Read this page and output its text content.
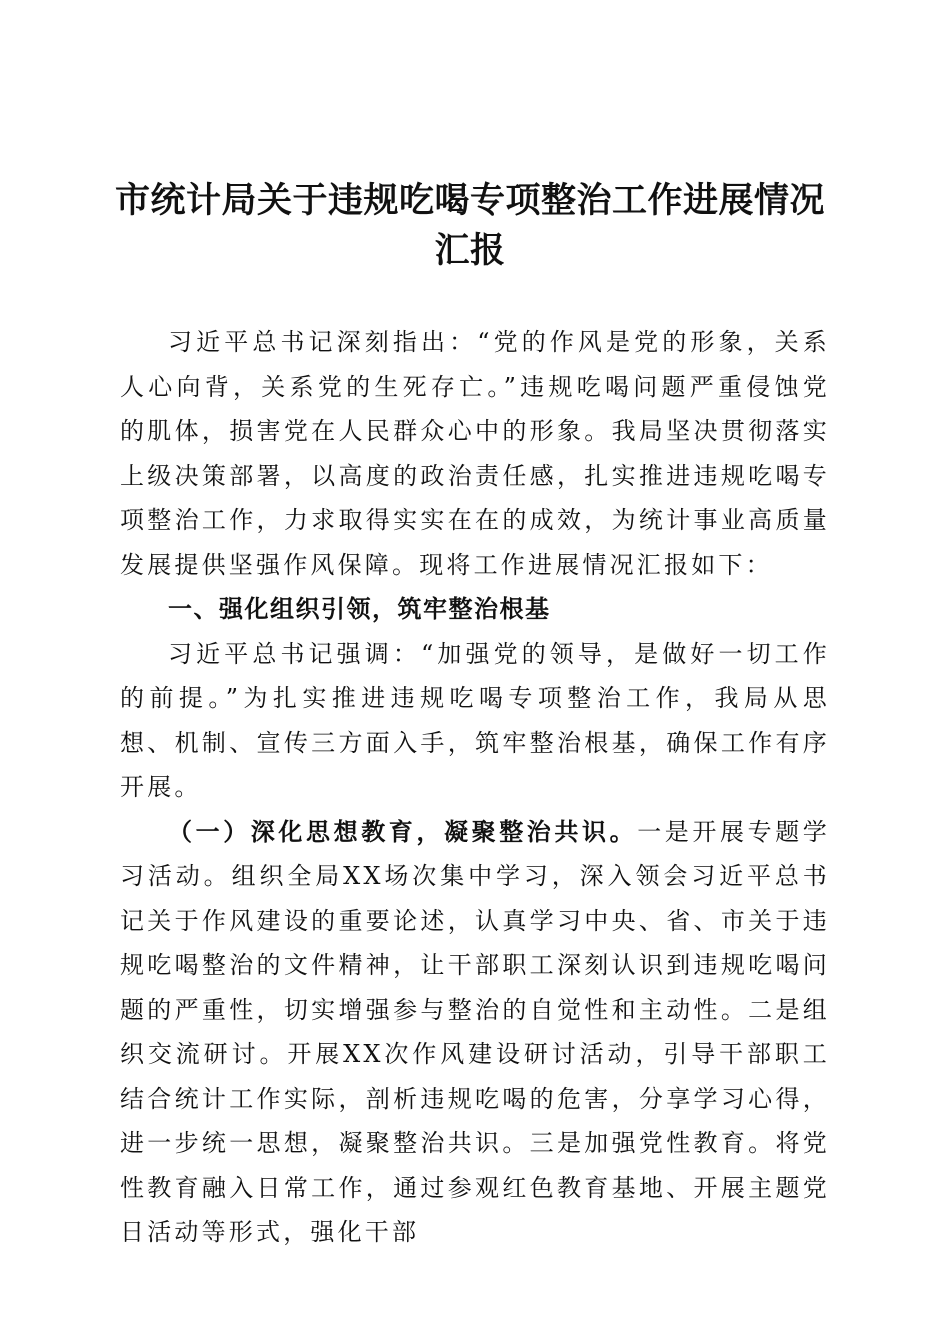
市统计局关于违规吃喝专项整治工作进展情况汇报

习近平总书记深刻指出：“党的作风是党的形象，关系人心向背，关系党的生死存亡。”违规吃喝问题严重侵蚀党的肌体，损害党在人民群众心中的形象。我局坚决贯彻落实上级决策部署，以高度的政治责任感，扎实推进违规吃喝专项整治工作，力求取得实实在在的成效，为统计事业高质量发展提供坚强作风保障。现将工作进展情况汇报如下：

一、强化组织引领，筑牢整治根基

习近平总书记强调：“加强党的领导，是做好一切工作的前提。”为扎实推进违规吃喝专项整治工作，我局从思想、机制、宣传三方面入手，筑牢整治根基，确保工作有序开展。

（一）深化思想教育，凝聚整治共识。一是开展专题学习活动。组织全局XX场次集中学习，深入领会习近平总书记关于作风建设的重要论述，认真学习中央、省、市关于违规吃喝整治的文件精神，让干部职工深刻认识到违规吃喝问题的严重性，切实增强参与整治的自觉性和主动性。二是组织交流研讨。开展XX次作风建设研讨活动，引导干部职工结合统计工作实际，剖析违规吃喝的危害，分享学习心得，进一步统一思想，凝聚整治共识。三是加强党性教育。将党性教育融入日常工作，通过参观红色教育基地、开展主题党日活动等形式，强化干部
